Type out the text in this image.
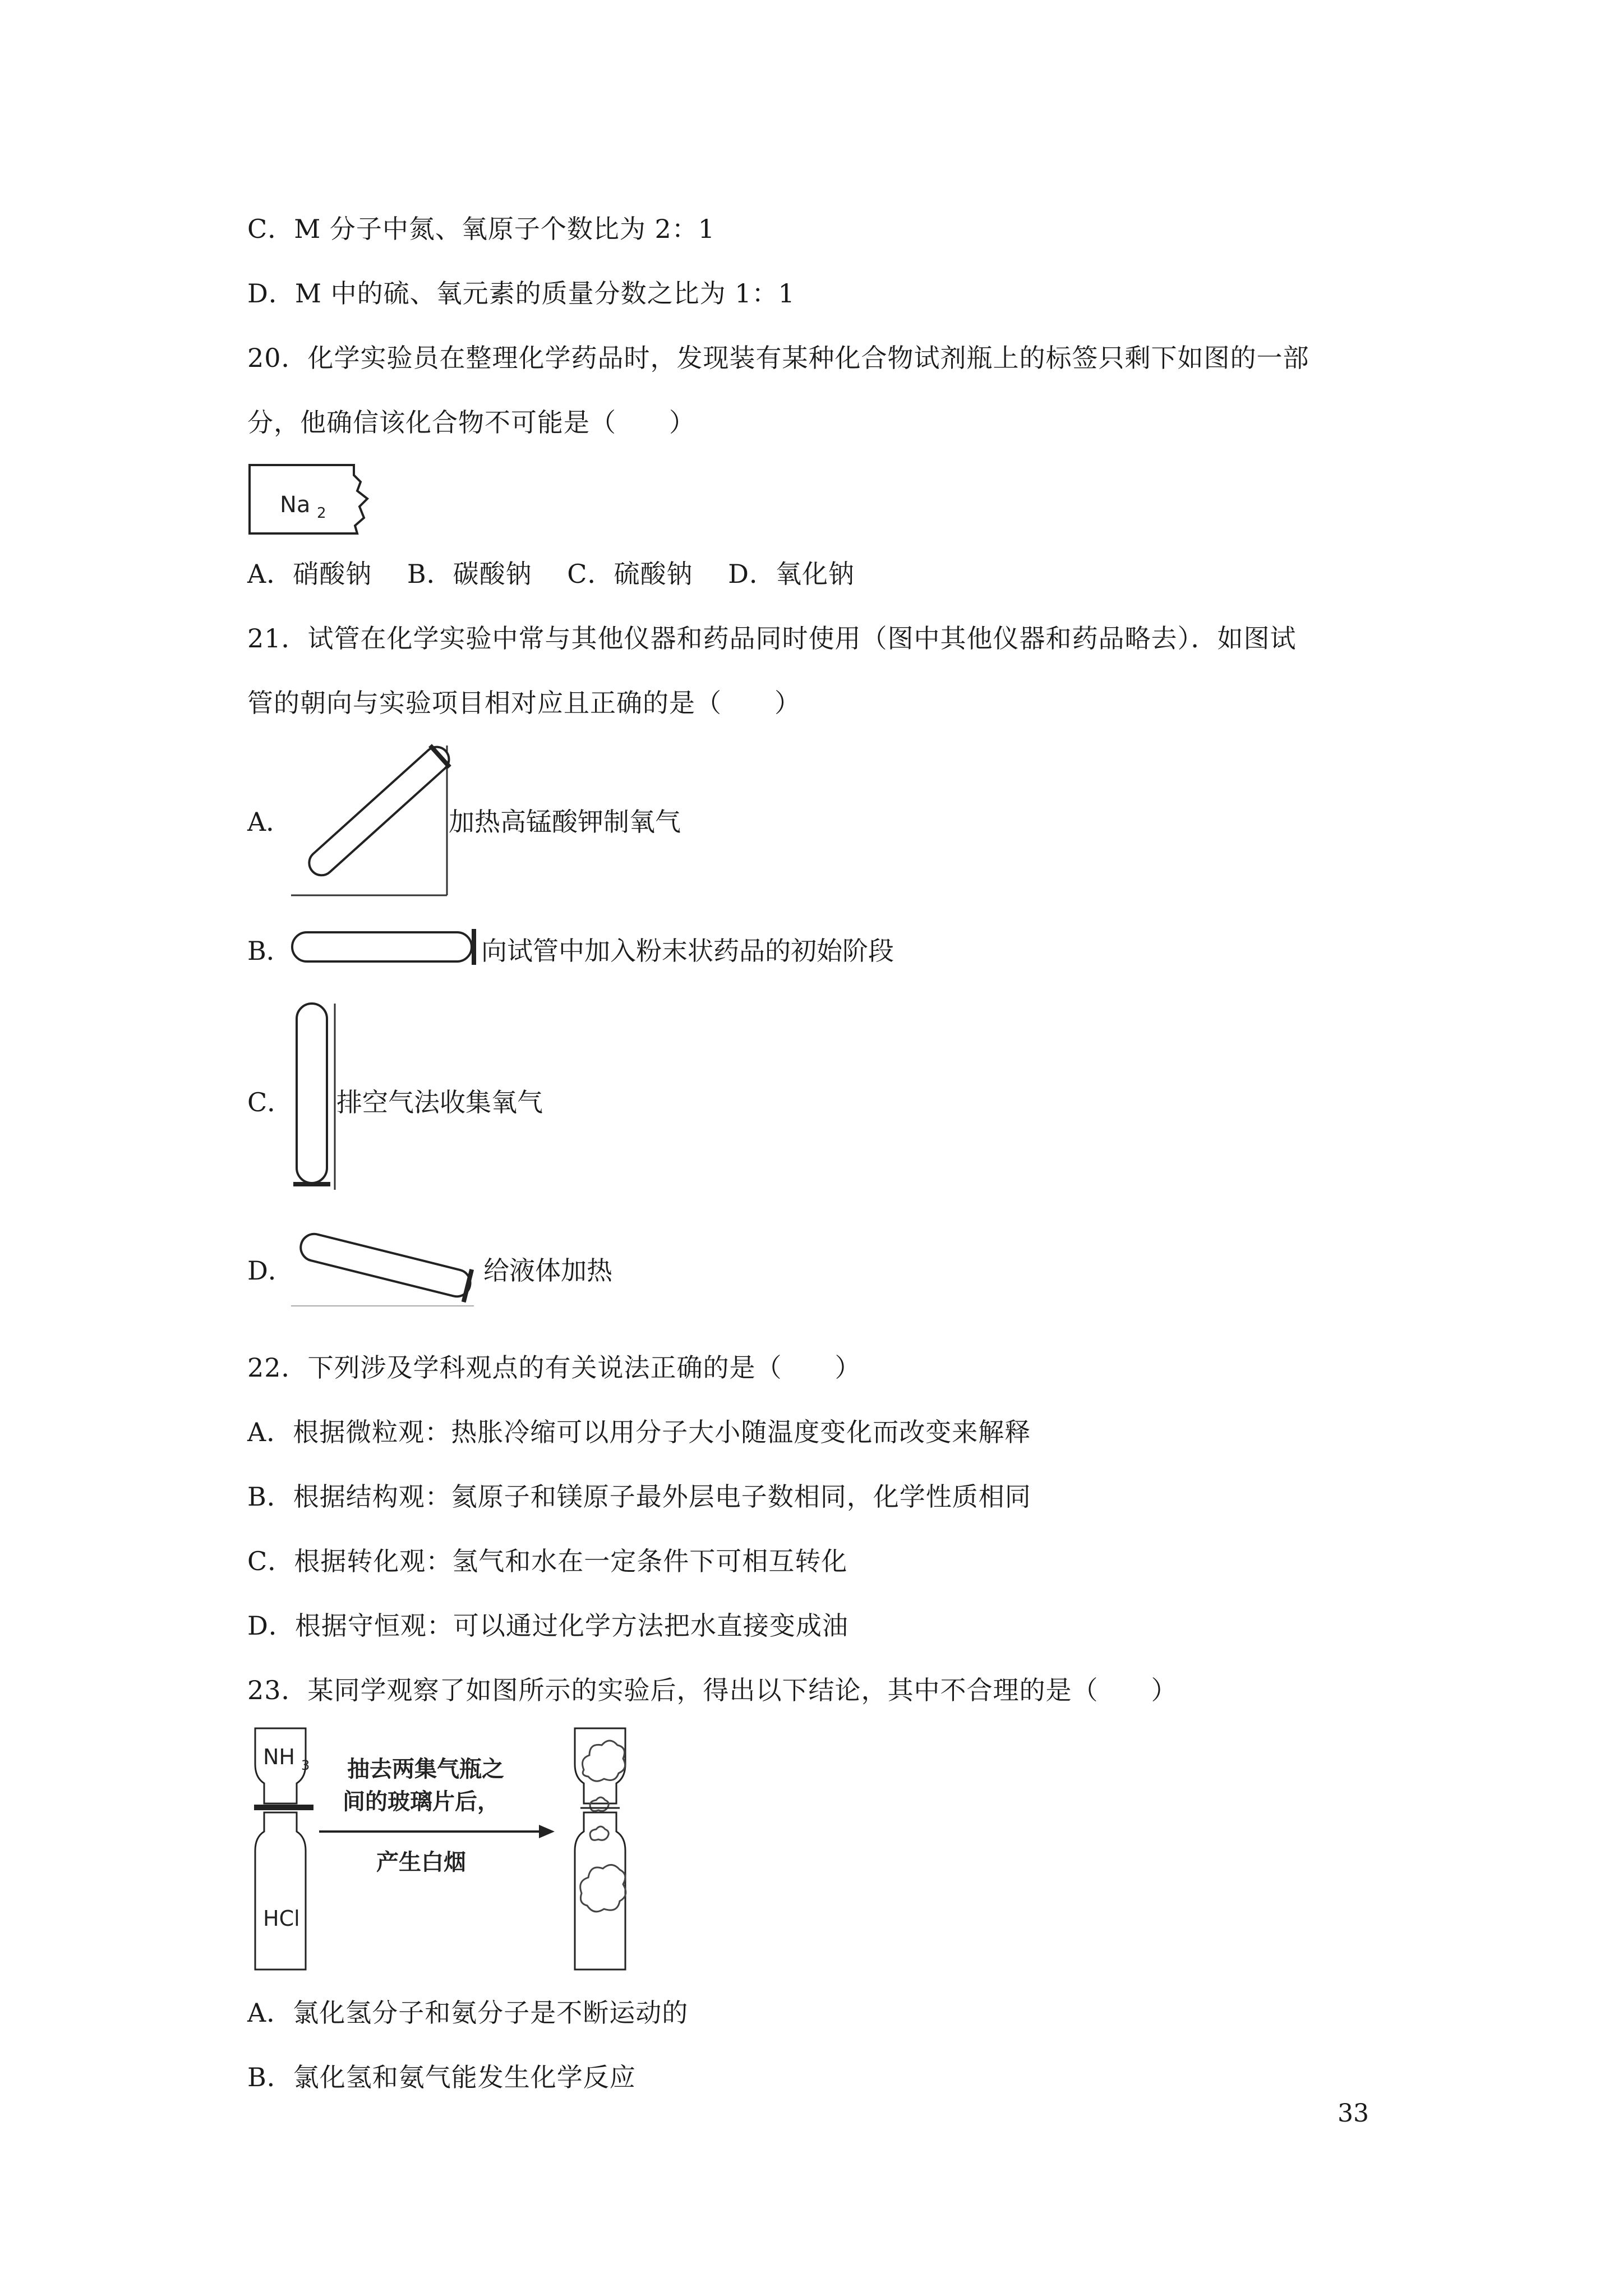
C．M 分子中氮、氧原子个数比为 2：1
D．M 中的硫、氧元素的质量分数之比为 1：1
20．化学实验员在整理化学药品时，发现装有某种化合物试剂瓶上的标签只剩下如图的一部
分，他确信该化合物不可能是（　　）
Na 2
A．硝酸钠　 B．碳酸钠　 C．硫酸钠　 D．氧化钠
21．试管在化学实验中常与其他仪器和药品同时使用（图中其他仪器和药品略去）．如图试
管的朝向与实验项目相对应且正确的是（　　）
A．	加热高锰酸钾制氧气
B．	向试管中加入粉末状药品的初始阶段
C． 排空气法收集氧气
D．	给液体加热
22．下列涉及学科观点的有关说法正确的是（　　）
A．根据微粒观：热胀冷缩可以用分子大小随温度变化而改变来解释
B．根据结构观：氦原子和镁原子最外层电子数相同，化学性质相同
C．根据转化观：氢气和水在一定条件下可相互转化
D．根据守恒观：可以通过化学方法把水直接变成油
23．某同学观察了如图所示的实验后，得出以下结论，其中不合理的是（　　）
NH 3
HCl
抽去两集气瓶之
间的玻璃片后，
产生白烟
A．氯化氢分子和氨分子是不断运动的
B．氯化氢和氨气能发生化学反应
33
